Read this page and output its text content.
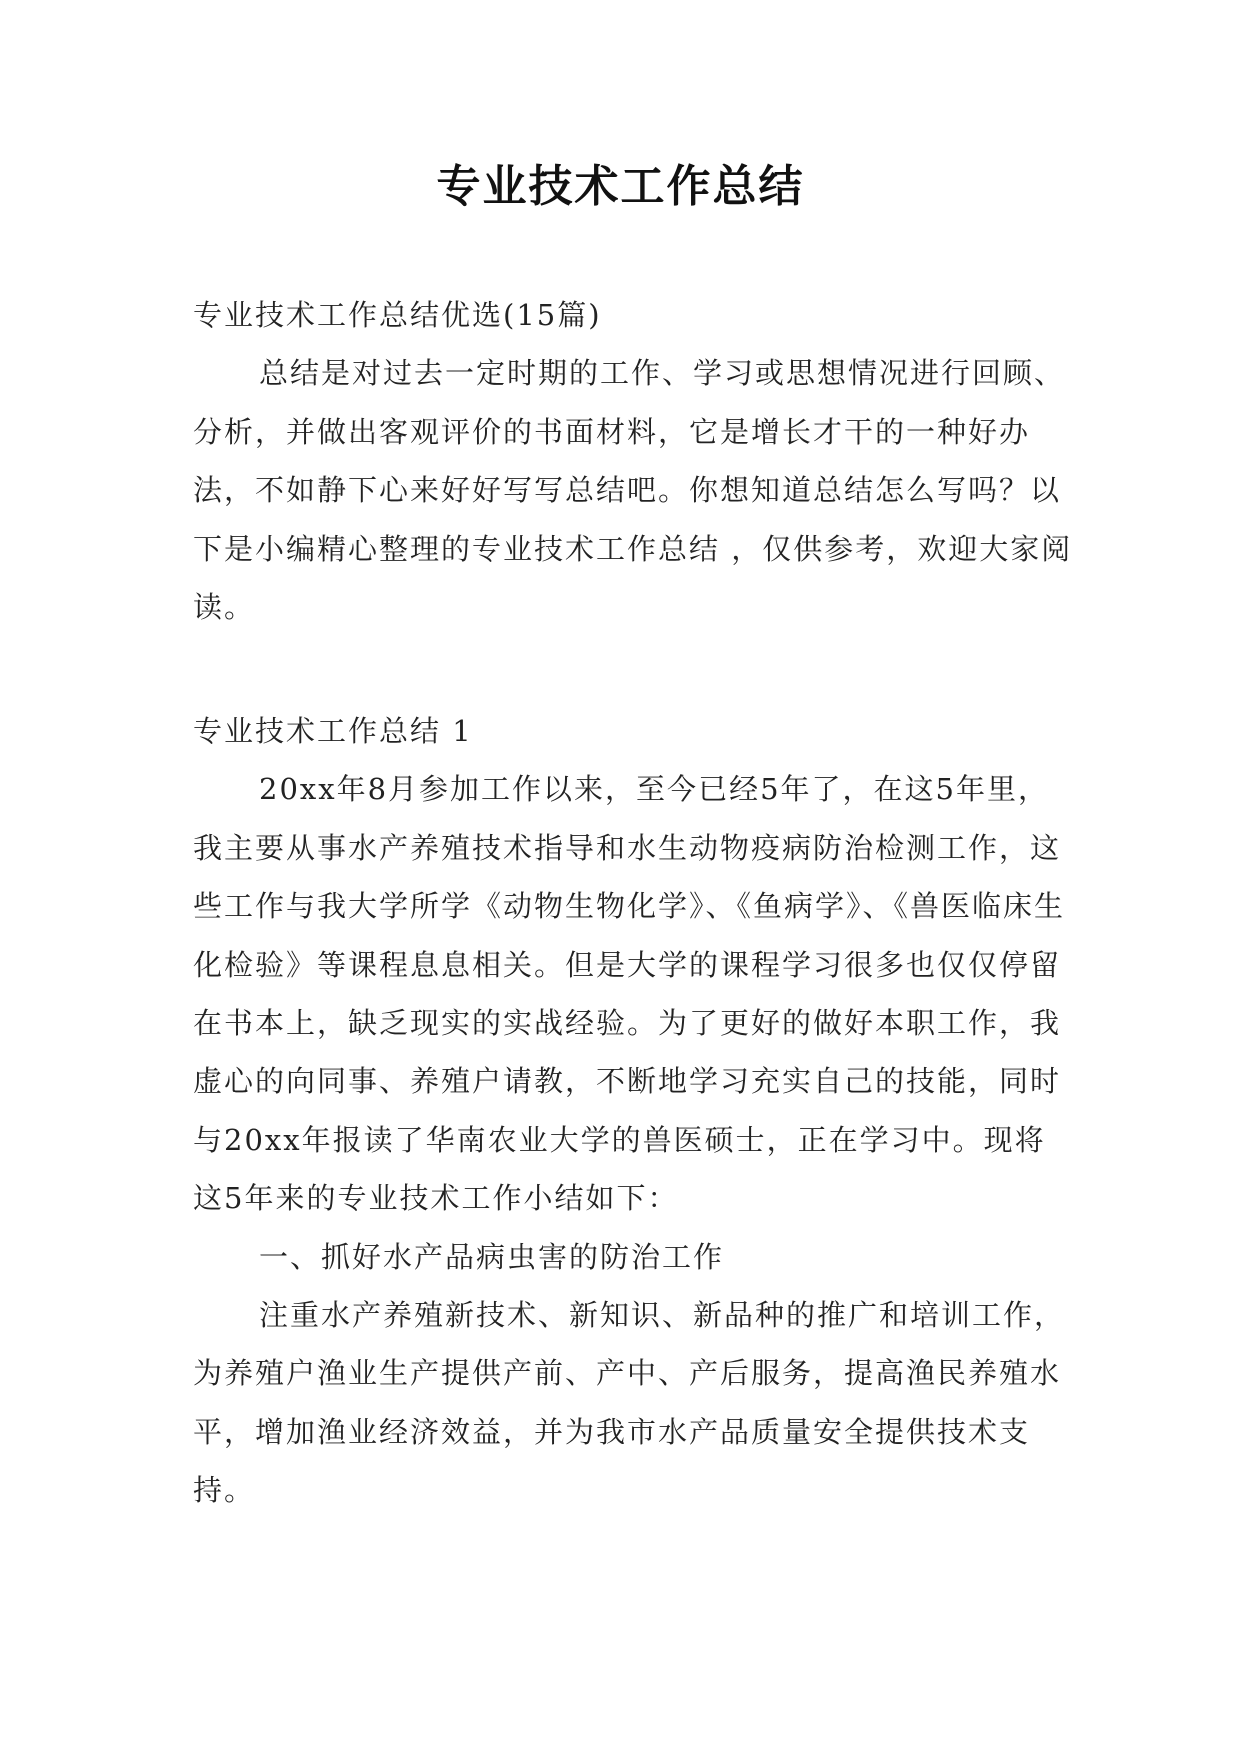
专业技术工作总结

专业技术工作总结优选(15篇)

总结是对过去一定时期的工作、学习或思想情况进行回顾、分析，并做出客观评价的书面材料，它是增长才干的一种好办法，不如静下心来好好写写总结吧。你想知道总结怎么写吗？以下是小编精心整理的专业技术工作总结 ，仅供参考，欢迎大家阅读。

专业技术工作总结 1

20xx年8月参加工作以来，至今已经5年了，在这5年里，我主要从事水产养殖技术指导和水生动物疫病防治检测工作，这些工作与我大学所学《动物生物化学》、《鱼病学》、《兽医临床生化检验》等课程息息相关。但是大学的课程学习很多也仅仅停留在书本上，缺乏现实的实战经验。为了更好的做好本职工作，我虚心的向同事、养殖户请教，不断地学习充实自己的技能，同时与20xx年报读了华南农业大学的兽医硕士，正在学习中。现将这5年来的专业技术工作小结如下：

一、抓好水产品病虫害的防治工作

注重水产养殖新技术、新知识、新品种的推广和培训工作，为养殖户渔业生产提供产前、产中、产后服务，提高渔民养殖水平，增加渔业经济效益，并为我市水产品质量安全提供技术支持。
